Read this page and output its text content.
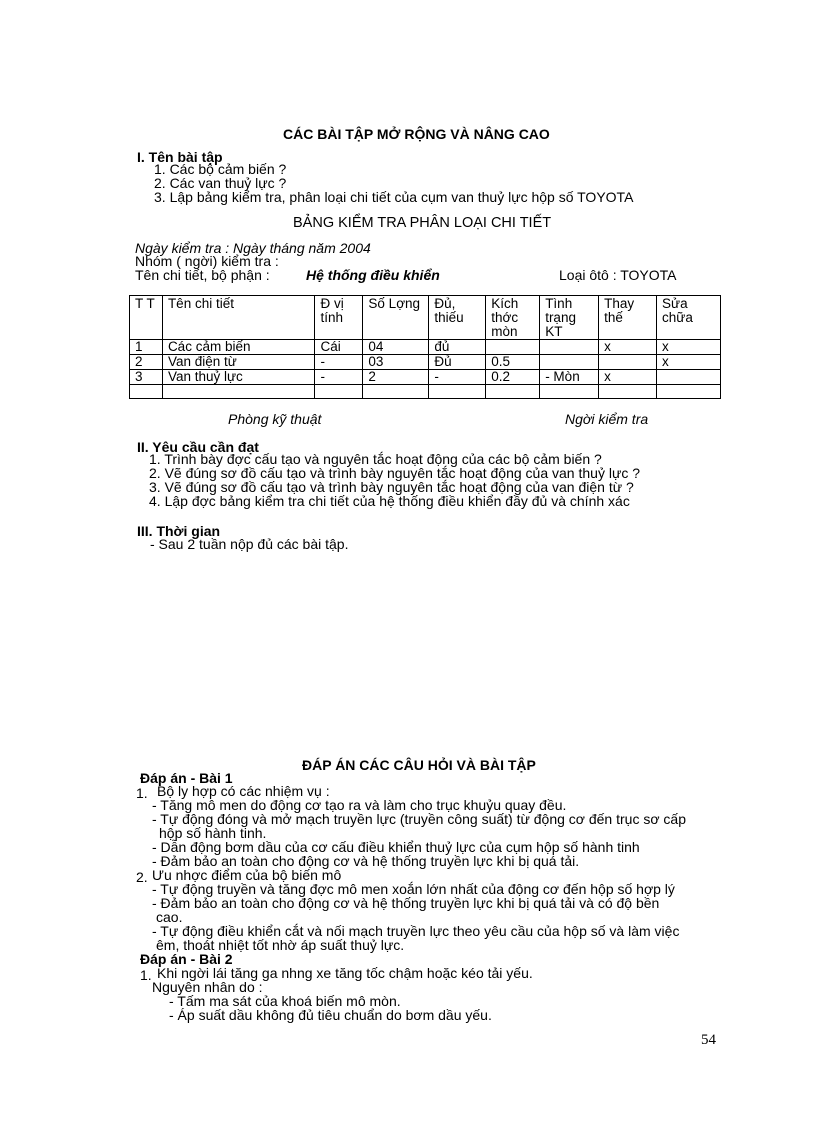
CÁC BÀI TẬP MỞ RỘNG VÀ NÂNG CAO
I. Tên bài tập
1. Các bộ cảm biến ?
2. Các van thuỷ lực ?
3. Lập bảng kiểm tra, phân loại chi tiết của cụm van thuỷ lực hộp số TOYOTA
BẢNG KIỂM TRA PHÂN LOẠI CHI TIẾT
Ngày kiểm tra : Ngày tháng năm 2004
Nhóm ( ngời) kiểm tra :
Tên chi tiết, bộ phận :	Hệ thống điều khiển	Loại ôtô : TOYOTA
T T	Tên chi tiết	Đ vị tính	Số Lợng	Đủ, thiếu	Kích thớc mòn	Tình trạng KT	Thay thế	Sửa chữa
1	Các cảm biến	Cái	04	đủ			x	x
2	Van điện từ	-	03	Đủ	0.5			x
3	Van thuỷ lực	-	2	-	0.2	- Mòn	x	

Phòng kỹ thuật	Ngời kiểm tra
II. Yêu cầu cần đạt
1. Trình bày đợc cấu tạo và nguyên tắc hoạt động của các bộ cảm biến ?
2. Vẽ đúng sơ đồ cấu tạo và trình bày nguyên tắc hoạt động của van thuỷ lực ?
3. Vẽ đúng sơ đồ cấu tạo và trình bày nguyên tắc hoạt động của van điện từ ?
4. Lập đợc bảng kiểm tra chi tiết của hệ thống điều khiển đầy đủ và chính xác
III. Thời gian
- Sau 2 tuần nộp đủ các bài tập.
ĐÁP ÁN CÁC CÂU HỎI VÀ BÀI TẬP
Đáp án - Bài 1
1. Bộ ly hợp có các nhiệm vụ :
- Tăng mô men do động cơ tạo ra và làm cho trục khuỷu quay đều.
- Tự động đóng và mở mạch truyền lực (truyền công suất) từ động cơ đến trục sơ cấp
hộp số hành tinh.
- Dẫn động bơm dầu của cơ cấu điều khiển thuỷ lực của cụm hộp số hành tinh
- Đảm bảo an toàn cho động cơ và hệ thống truyền lực khi bị quá tải.
2. Ưu nhợc điểm của bộ biến mô
- Tự động truyền và tăng đợc mô men xoắn lớn nhất của động cơ đến hộp số hợp lý
- Đảm bảo an toàn cho động cơ và hệ thống truyền lực khi bị quá tải và có độ bền
cao.
- Tự động điều khiển cắt và nối mạch truyền lực theo yêu cầu của hộp số và làm việc
êm, thoát nhiệt tốt nhờ áp suất thuỷ lực.
Đáp án - Bài 2
1. Khi ngời lái tăng ga nhng xe tăng tốc chậm hoặc kéo tải yếu.
Nguyên nhân do :
- Tấm ma sát của khoá biến mô mòn.
- Áp suất dầu không đủ tiêu chuẩn do bơm dầu yếu.
54
